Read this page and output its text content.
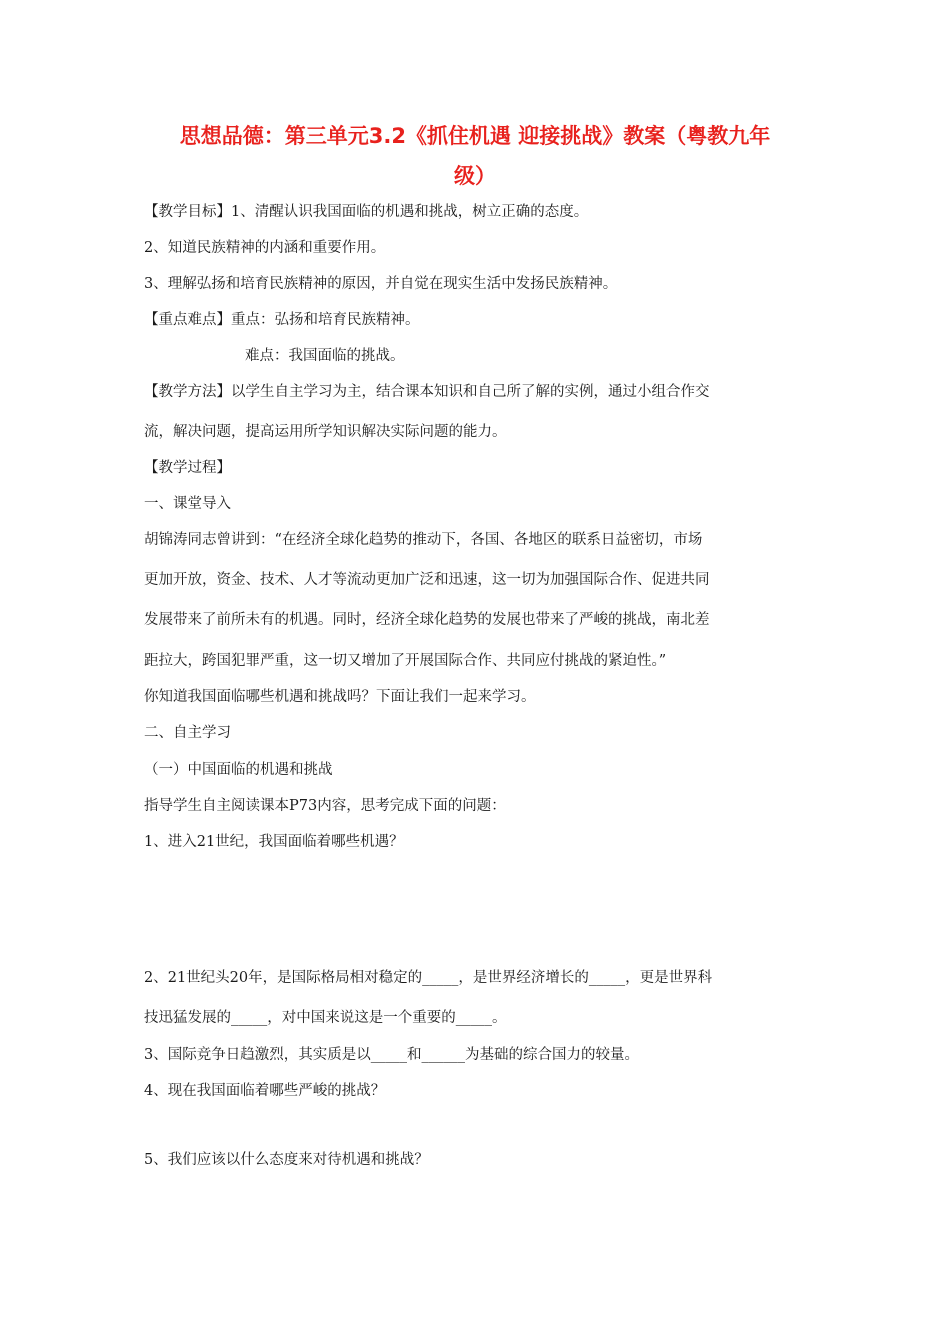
思想品德：第三单元3.2《抓住机遇 迎接挑战》教案（粤教九年
级）
【教学目标】1、清醒认识我国面临的机遇和挑战，树立正确的态度。
2、知道民族精神的内涵和重要作用。
3、理解弘扬和培育民族精神的原因，并自觉在现实生活中发扬民族精神。
【重点难点】重点：弘扬和培育民族精神。
难点：我国面临的挑战。
【教学方法】以学生自主学习为主，结合课本知识和自己所了解的实例，通过小组合作交
流，解决问题，提高运用所学知识解决实际问题的能力。
【教学过程】
一、课堂导入
胡锦涛同志曾讲到：“在经济全球化趋势的推动下，各国、各地区的联系日益密切，市场
更加开放，资金、技术、人才等流动更加广泛和迅速，这一切为加强国际合作、促进共同
发展带来了前所未有的机遇。同时，经济全球化趋势的发展也带来了严峻的挑战，南北差
距拉大，跨国犯罪严重，这一切又增加了开展国际合作、共同应付挑战的紧迫性。”
你知道我国面临哪些机遇和挑战吗？下面让我们一起来学习。
二、自主学习
（一）中国面临的机遇和挑战
指导学生自主阅读课本P73内容，思考完成下面的问题：
1、进入21世纪，我国面临着哪些机遇？
2、21世纪头20年，是国际格局相对稳定的_____，是世界经济增长的_____，更是世界科
技迅猛发展的_____，对中国来说这是一个重要的_____。
3、国际竞争日趋激烈，其实质是以_____和______为基础的综合国力的较量。
4、现在我国面临着哪些严峻的挑战？
5、我们应该以什么态度来对待机遇和挑战？
